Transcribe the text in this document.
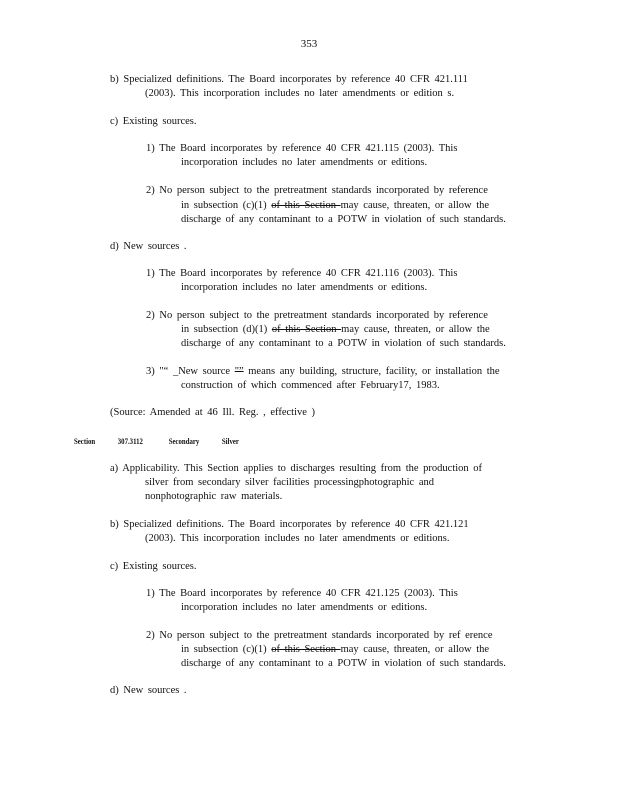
353
b) Specialized definitions. The Board incorporates by reference 40 CFR 421.111
(2003). This incorporation includes no later amendments or edition s.
c) Existing sources.
1) The Board incorporates by reference 40 CFR 421.115 (2003). This
incorporation includes no later amendments or editions.
2) No person subject to the pretreatment standards incorporated by reference
in subsection (c)(1) of this Section may cause, threaten, or allow the
discharge of any contaminant to a POTW in violation of such standards.
d) New sources .
1) The Board incorporates by reference 40 CFR 421.116 (2003). This
incorporation includes no later amendments or editions.
2) No person subject to the pretreatment standards incorporated by reference
in subsection (d)(1) of this Section may cause, threaten, or allow the
discharge of any contaminant to a POTW in violation of such standards.
3) "“ _New source "” means any building, structure, facility, or installation the
construction of which commenced after February17, 1983.
(Source: Amended at 46 Ill. Reg. , effective )
a) Applicability. This Section applies to discharges resulting from the production of
silver from secondary silver facilities processingphotographic and
nonphotographic raw materials.
b) Specialized definitions. The Board incorporates by reference 40 CFR 421.121
(2003). This incorporation includes no later amendments or editions.
c) Existing sources.
1) The Board incorporates by reference 40 CFR 421.125 (2003). This
incorporation includes no later amendments or editions.
2) No person subject to the pretreatment standards incorporated by ref erence
in subsection (c)(1) of this Section may cause, threaten, or allow the
discharge of any contaminant to a POTW in violation of such standards.
d) New sources .
Section	307.3112	Secondary	Silver
